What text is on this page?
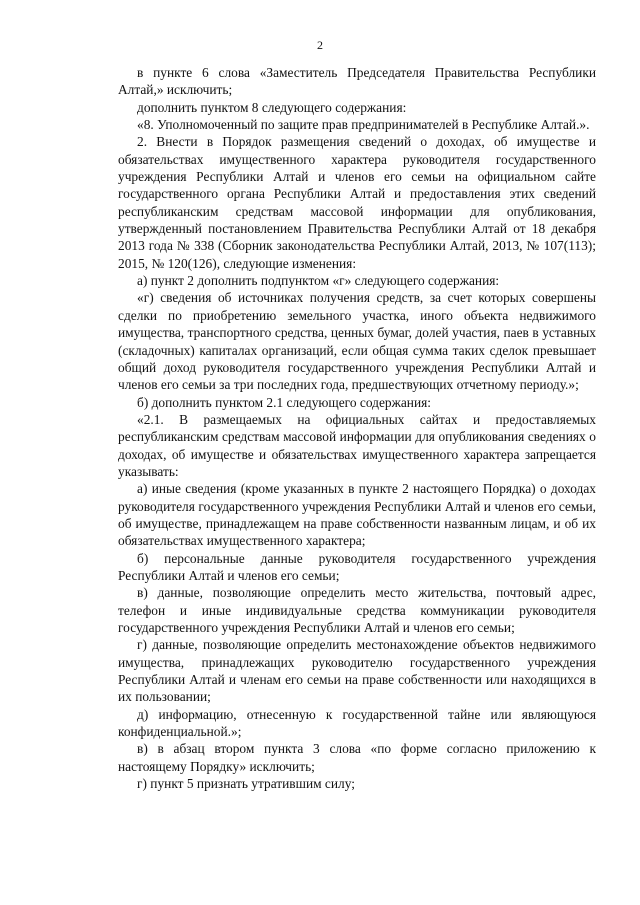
2

в пункте 6 слова «Заместитель Председателя Правительства Республики Алтай,» исключить;

дополнить пунктом 8 следующего содержания:

«8. Уполномоченный по защите прав предпринимателей в Республике Алтай.».

2. Внести в Порядок размещения сведений о доходах, об имуществе и обязательствах имущественного характера руководителя государственного учреждения Республики Алтай и членов его семьи на официальном сайте государственного органа Республики Алтай и предоставления этих сведений республиканским средствам массовой информации для опубликования, утвержденный постановлением Правительства Республики Алтай от 18 декабря 2013 года № 338 (Сборник законодательства Республики Алтай, 2013, № 107(113); 2015, № 120(126), следующие изменения:

а) пункт 2 дополнить подпунктом «г» следующего содержания:

«г) сведения об источниках получения средств, за счет которых совершены сделки по приобретению земельного участка, иного объекта недвижимого имущества, транспортного средства, ценных бумаг, долей участия, паев в уставных (складочных) капиталах организаций, если общая сумма таких сделок превышает общий доход руководителя государственного учреждения Республики Алтай и членов его семьи за три последних года, предшествующих отчетному периоду.»;

б) дополнить пунктом 2.1 следующего содержания:

«2.1. В размещаемых на официальных сайтах и предоставляемых республиканским средствам массовой информации для опубликования сведениях о доходах, об имуществе и обязательствах имущественного характера запрещается указывать:

а) иные сведения (кроме указанных в пункте 2 настоящего Порядка) о доходах руководителя государственного учреждения Республики Алтай и членов его семьи, об имуществе, принадлежащем на праве собственности названным лицам, и об их обязательствах имущественного характера;

б) персональные данные руководителя государственного учреждения Республики Алтай и членов его семьи;

в) данные, позволяющие определить место жительства, почтовый адрес, телефон и иные индивидуальные средства коммуникации руководителя государственного учреждения Республики Алтай и членов его семьи;

г) данные, позволяющие определить местонахождение объектов недвижимого имущества, принадлежащих руководителю государственного учреждения Республики Алтай и членам его семьи на праве собственности или находящихся в их пользовании;

д) информацию, отнесенную к государственной тайне или являющуюся конфиденциальной.»;

в) в абзац втором пункта 3 слова «по форме согласно приложению к настоящему Порядку» исключить;

г) пункт 5 признать утратившим силу;
